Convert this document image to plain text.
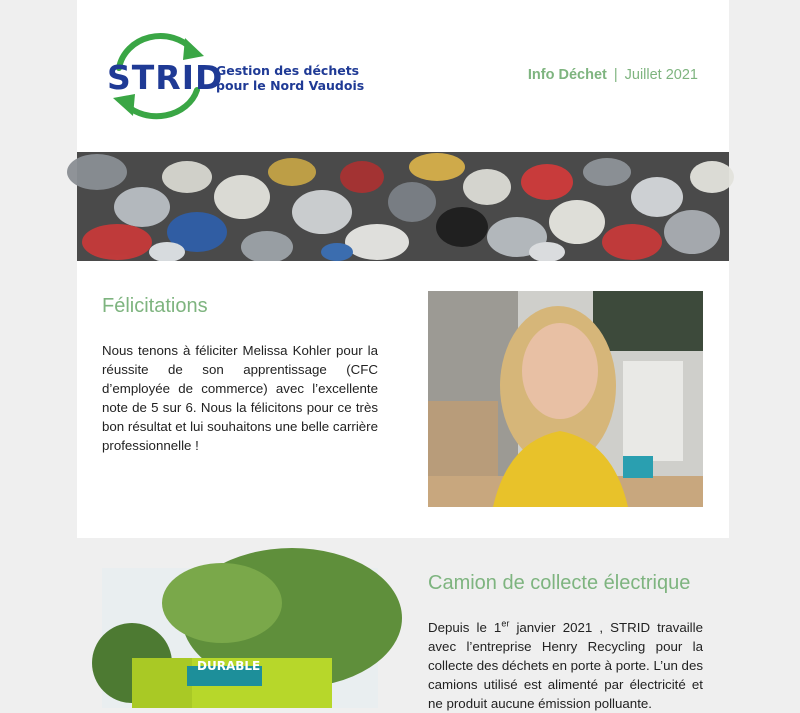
STRID
Gestion des déchets
pour le Nord Vaudois
Info Déchet | Juillet 2021
Félicitations
Nous tenons à féliciter Melissa Kohler pour la réussite de son apprentissage (CFC d’employée de commerce) avec l’excellente note de 5 sur 6. Nous la félicitons pour ce très bon résultat et lui souhaitons une belle carrière professionnelle !
DURABLE
Camion de collecte électrique
Depuis le 1er janvier 2021 , STRID travaille avec l’entreprise Henry Recycling pour la collecte des déchets en porte à porte. L’un des camions utilisé est alimenté par électricité et ne produit aucune émission polluante.
